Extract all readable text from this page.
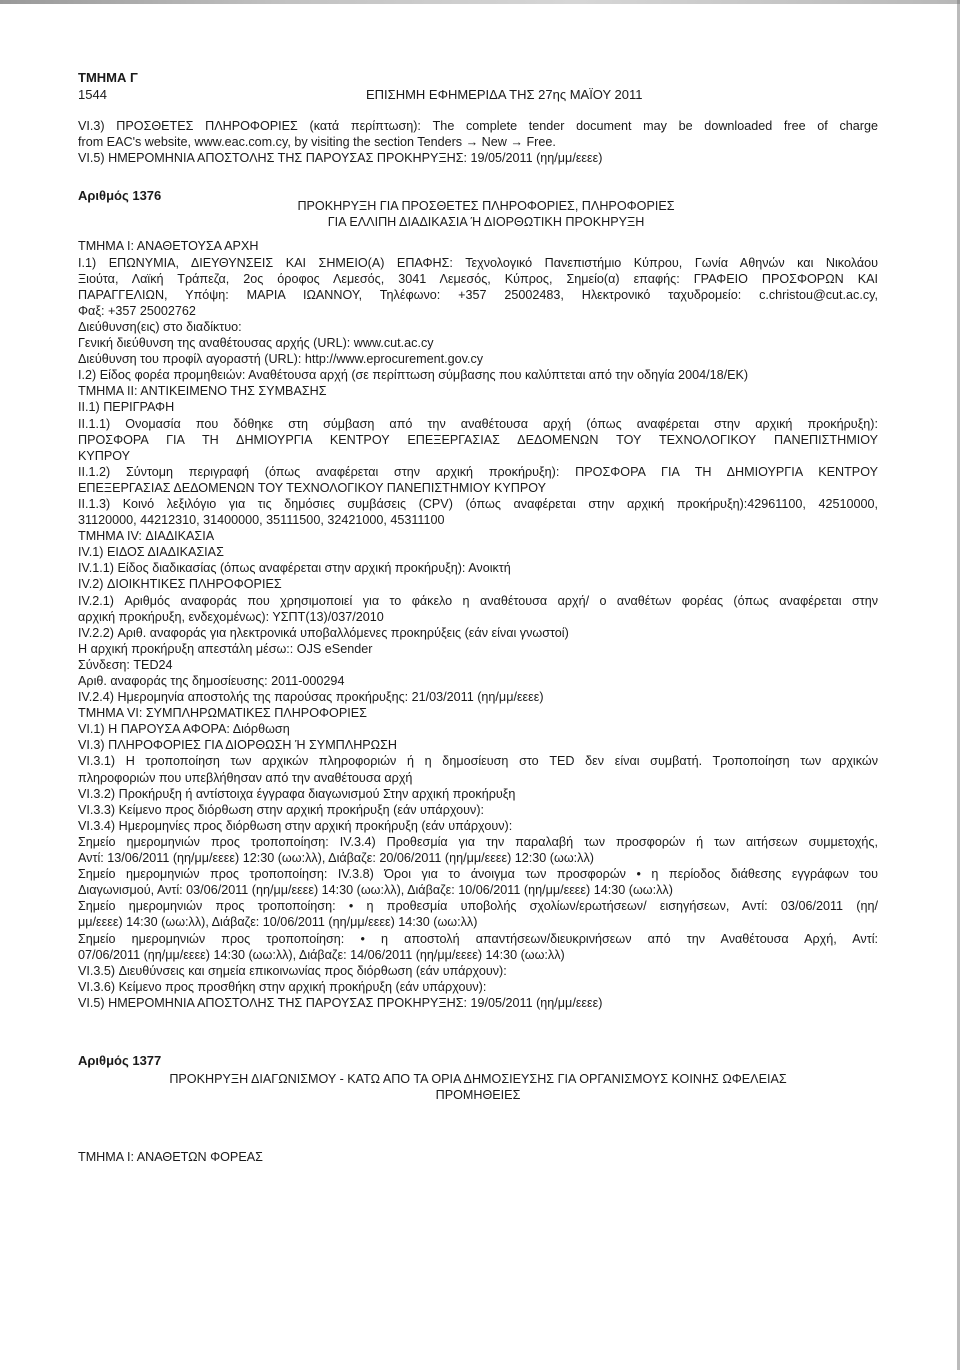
ΤΜΗΜΑ Γ

1544	ΕΠΙΣΗΜΗ ΕΦΗΜΕΡΙΔΑ ΤΗΣ 27ης ΜΑΪΟΥ 2011

VI.3) ΠΡΟΣΘΕΤΕΣ ΠΛΗΡΟΦΟΡΙΕΣ (κατά περίπτωση): The complete tender document may be downloaded free of charge

from EAC's website, www.eac.com.cy, by visiting the section Tenders → New → Free.

VI.5) ΗΜΕΡΟΜΗΝΙΑ ΑΠΟΣΤΟΛΗΣ ΤΗΣ ΠΑΡΟΥΣΑΣ ΠΡΟΚΗΡΥΞΗΣ: 19/05/2011 (ηη/μμ/εεεε)

Αριθμός 1376

ΠΡΟΚΗΡΥΞΗ ΓΙΑ ΠΡΟΣΘΕΤΕΣ ΠΛΗΡΟΦΟΡΙΕΣ, ΠΛΗΡΟΦΟΡΙΕΣ

ΓΙΑ ΕΛΛΙΠΗ ΔΙΑΔΙΚΑΣΙΑ Ή ΔΙΟΡΘΩΤΙΚΗ ΠΡΟΚΗΡΥΞΗ

ΤΜΗΜΑ Ι: ΑΝΑΘΕΤΟΥΣΑ ΑΡΧΗ

Ι.1) ΕΠΩΝΥΜΙΑ, ΔΙΕΥΘΥΝΣΕΙΣ ΚΑΙ ΣΗΜΕΙΟ(Α) ΕΠΑΦΗΣ: Τεχνολογικό Πανεπιστήμιο Κύπρου, Γωνία Αθηνών και Νικολάου

Ξιούτα, Λαϊκή Τράπεζα, 2ος όροφος Λεμεσός, 3041 Λεμεσός, Κύπρος, Σημείο(α) επαφής: ΓΡΑΦΕΙΟ ΠΡΟΣΦΟΡΩΝ ΚΑΙ

ΠΑΡΑΓΓΕΛΙΩΝ, Υπόψη: ΜΑΡΙΑ ΙΩΑΝΝΟΥ, Τηλέφωνο: +357 25002483, Ηλεκτρονικό ταχυδρομείο: c.christou@cut.ac.cy,

Φαξ: +357 25002762

Διεύθυνση(εις) στο διαδίκτυο:

Γενική διεύθυνση της αναθέτουσας αρχής (URL): www.cut.ac.cy

Διεύθυνση του προφίλ αγοραστή (URL): http://www.eprocurement.gov.cy

Ι.2) Είδος φορέα προμηθειών: Αναθέτουσα αρχή (σε περίπτωση σύμβασης που καλύπτεται από την οδηγία 2004/18/ΕΚ)

ΤΜΗΜΑ ΙΙ: ΑΝΤΙΚΕΙΜΕΝΟ ΤΗΣ ΣΥΜΒΑΣΗΣ

ΙΙ.1) ΠΕΡΙΓΡΑΦΗ

ΙΙ.1.1) Ονομασία που δόθηκε στη σύμβαση από την αναθέτουσα αρχή (όπως αναφέρεται στην αρχική προκήρυξη):

ΠΡΟΣΦΟΡΑ ΓΙΑ ΤΗ ΔΗΜΙΟΥΡΓΙΑ ΚΕΝΤΡΟΥ ΕΠΕΞΕΡΓΑΣΙΑΣ ΔΕΔΟΜΕΝΩΝ ΤΟΥ ΤΕΧΝΟΛΟΓΙΚΟΥ ΠΑΝΕΠΙΣΤΗΜΙΟΥ

ΚΥΠΡΟΥ

ΙΙ.1.2) Σύντομη περιγραφή (όπως αναφέρεται στην αρχική προκήρυξη): ΠΡΟΣΦΟΡΑ ΓΙΑ ΤΗ ΔΗΜΙΟΥΡΓΙΑ ΚΕΝΤΡΟΥ

ΕΠΕΞΕΡΓΑΣΙΑΣ ΔΕΔΟΜΕΝΩΝ ΤΟΥ ΤΕΧΝΟΛΟΓΙΚΟΥ ΠΑΝΕΠΙΣΤΗΜΙΟΥ ΚΥΠΡΟΥ

ΙΙ.1.3) Κοινό λεξιλόγιο για τις δημόσιες συμβάσεις (CPV) (όπως αναφέρεται στην αρχική προκήρυξη):42961100, 42510000,

31120000, 44212310, 31400000, 35111500, 32421000, 45311100

ΤΜΗΜΑ IV: ΔΙΑΔΙΚΑΣΙΑ

IV.1) ΕΙΔΟΣ ΔΙΑΔΙΚΑΣΙΑΣ

IV.1.1) Είδος διαδικασίας (όπως αναφέρεται στην αρχική προκήρυξη): Ανοικτή

IV.2) ΔΙΟΙΚΗΤΙΚΕΣ ΠΛΗΡΟΦΟΡΙΕΣ

IV.2.1) Αριθμός αναφοράς που χρησιμοποιεί για το φάκελο η αναθέτουσα αρχή/ ο αναθέτων φορέας (όπως αναφέρεται στην

αρχική προκήρυξη, ενδεχομένως): ΥΣΠΤ(13)/037/2010

IV.2.2) Αριθ. αναφοράς για ηλεκτρονικά υποβαλλόμενες προκηρύξεις (εάν είναι γνωστοί)

Η αρχική προκήρυξη απεστάλη μέσω:: OJS eSender

Σύνδεση: TED24

Αριθ. αναφοράς της δημοσίευσης: 2011-000294

IV.2.4) Ημερομηνία αποστολής της παρούσας προκήρυξης: 21/03/2011 (ηη/μμ/εεεε)

ΤΜΗΜΑ VI: ΣΥΜΠΛΗΡΩΜΑΤΙΚΕΣ ΠΛΗΡΟΦΟΡΙΕΣ

VI.1) Η ΠΑΡΟΥΣΑ ΑΦΟΡΑ: Διόρθωση

VI.3) ΠΛΗΡΟΦΟΡΙΕΣ ΓΙΑ ΔΙΟΡΘΩΣΗ Ή ΣΥΜΠΛΗΡΩΣΗ

VI.3.1) Η τροποποίηση των αρχικών πληροφοριών ή η δημοσίευση στο TED δεν είναι συμβατή. Τροποποίηση των αρχικών

πληροφοριών που υπεβλήθησαν από την αναθέτουσα αρχή

VI.3.2) Προκήρυξη ή αντίστοιχα έγγραφα διαγωνισμού Στην αρχική προκήρυξη

VI.3.3) Κείμενο προς διόρθωση στην αρχική προκήρυξη (εάν υπάρχουν):

VI.3.4) Ημερομηνίες προς διόρθωση στην αρχική προκήρυξη (εάν υπάρχουν):

Σημείο ημερομηνιών προς τροποποίηση: IV.3.4) Προθεσμία για την παραλαβή των προσφορών ή των αιτήσεων συμμετοχής,

Αντί: 13/06/2011 (ηη/μμ/εεεε) 12:30 (ωω:λλ), Διάβαζε: 20/06/2011 (ηη/μμ/εεεε) 12:30 (ωω:λλ)

Σημείο ημερομηνιών προς τροποποίηση: IV.3.8) Όροι για το άνοιγμα των προσφορών • η περίοδος διάθεσης εγγράφων του

Διαγωνισμού, Αντί: 03/06/2011 (ηη/μμ/εεεε) 14:30 (ωω:λλ), Διάβαζε: 10/06/2011 (ηη/μμ/εεεε) 14:30 (ωω:λλ)

Σημείο ημερομηνιών προς τροποποίηση: • η προθεσμία υποβολής σχολίων/ερωτήσεων/ εισηγήσεων, Αντί: 03/06/2011 (ηη/

μμ/εεεε) 14:30 (ωω:λλ), Διάβαζε: 10/06/2011 (ηη/μμ/εεεε) 14:30 (ωω:λλ)

Σημείο ημερομηνιών προς τροποποίηση: • η αποστολή απαντήσεων/διευκρινήσεων από την Αναθέτουσα Αρχή, Αντί:

07/06/2011 (ηη/μμ/εεεε) 14:30 (ωω:λλ), Διάβαζε: 14/06/2011 (ηη/μμ/εεεε) 14:30 (ωω:λλ)

VI.3.5) Διευθύνσεις και σημεία επικοινωνίας προς διόρθωση (εάν υπάρχουν):

VI.3.6) Κείμενο προς προσθήκη στην αρχική προκήρυξη (εάν υπάρχουν):

VI.5) ΗΜΕΡΟΜΗΝΙΑ ΑΠΟΣΤΟΛΗΣ ΤΗΣ ΠΑΡΟΥΣΑΣ ΠΡΟΚΗΡΥΞΗΣ: 19/05/2011 (ηη/μμ/εεεε)

Αριθμός 1377

ΠΡΟΚΗΡΥΞΗ ΔΙΑΓΩΝΙΣΜΟΥ - ΚΑΤΩ ΑΠΟ ΤΑ ΟΡΙΑ ΔΗΜΟΣΙΕΥΣΗΣ ΓΙΑ ΟΡΓΑΝΙΣΜΟΥΣ ΚΟΙΝΗΣ ΩΦΕΛΕΙΑΣ

ΠΡΟΜΗΘΕΙΕΣ

ΤΜΗΜΑ Ι: ΑΝΑΘΕΤΩΝ ΦΟΡΕΑΣ
